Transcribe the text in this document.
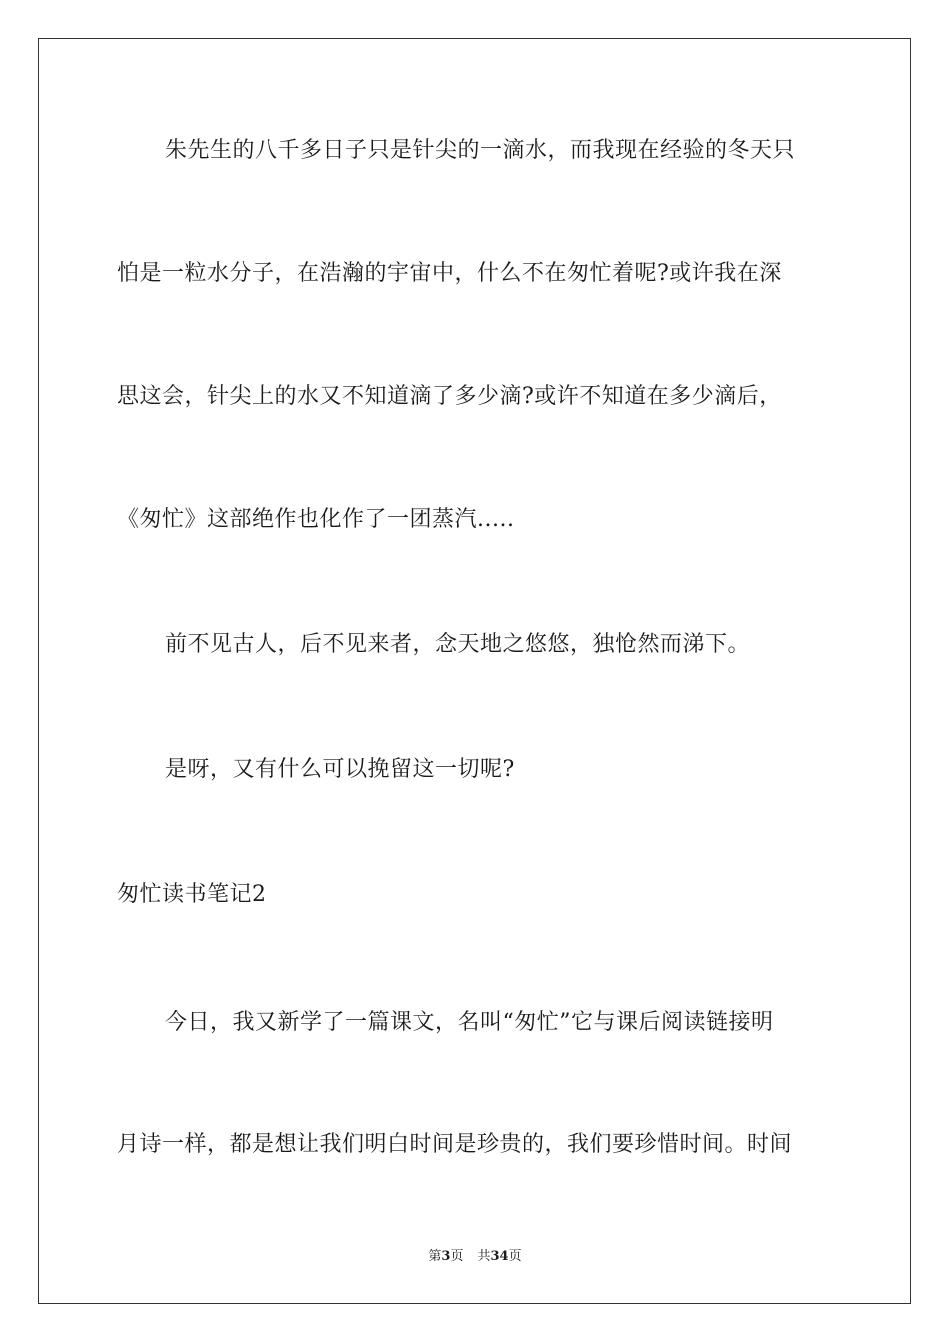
朱先生的八千多日子只是针尖的一滴水，而我现在经验的冬天只
怕是一粒水分子，在浩瀚的宇宙中，什么不在匆忙着呢?或许我在深
思这会，针尖上的水又不知道滴了多少滴?或许不知道在多少滴后，
《匆忙》这部绝作也化作了一团蒸汽.....
前不见古人，后不见来者，念天地之悠悠，独怆然而涕下。
是呀，又有什么可以挽留这一切呢?
匆忙读书笔记2
今日，我又新学了一篇课文，名叫“匆忙”它与课后阅读链接明
月诗一样，都是想让我们明白时间是珍贵的，我们要珍惜时间。时间
第3页 共34页
